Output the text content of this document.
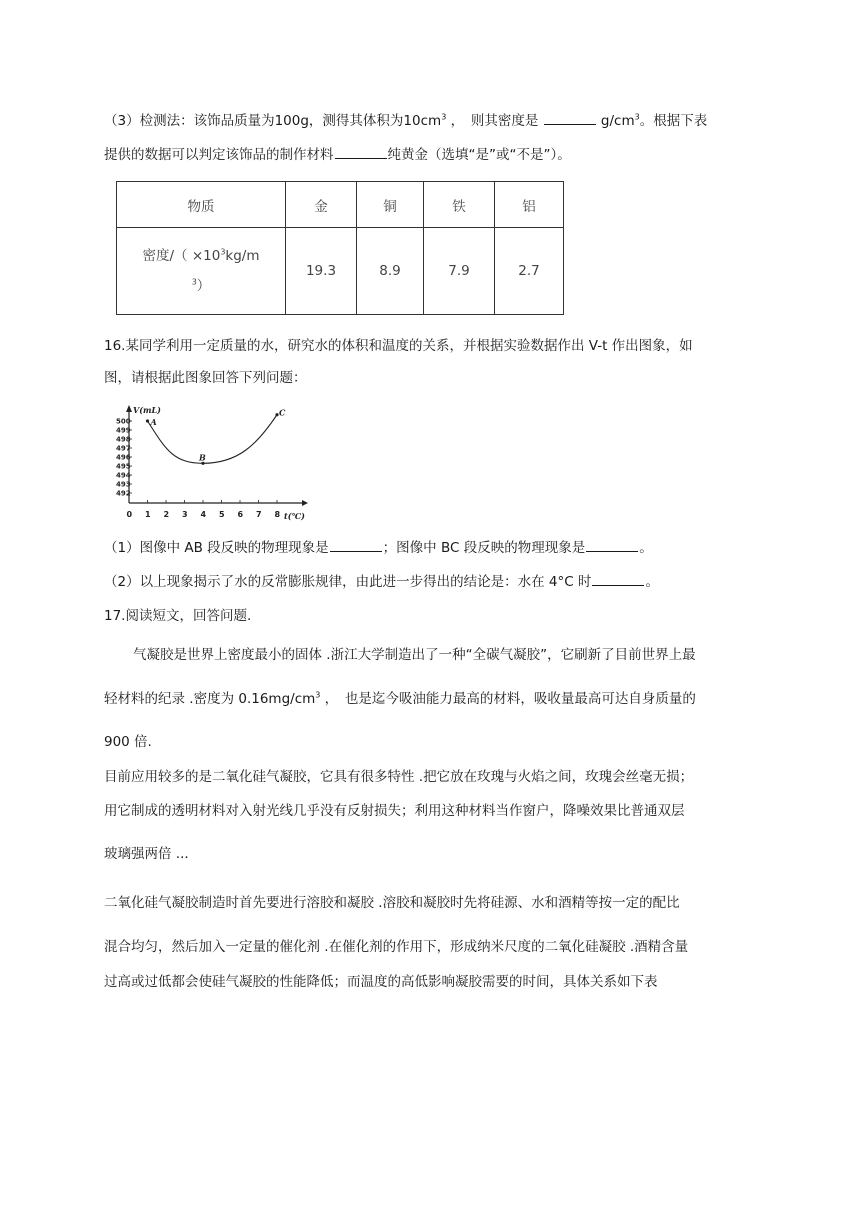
（3）检测法：该饰品质量为100g，测得其体积为$10cm^3$ ，　则其密度是	$g/cm^3$。根据下表
提供的数据可以判定该饰品的制作材料	纯黄金（选填“是”或“不是”）。
物质	金	铜	铁	铝

密度/（ $\times 10^3kg/m$
$^3$）	19.3	8.9	7.9	2.7
16.某同学利用一定质量的水，研究水的体积和温度的关系，并根据实验数据作出 V-t 作出图象，如
图，请根据此图象回答下列问题：
V(mL)
t(℃)
500
499
498
497
496
495
494
493
492
0 1 2 3 4 5 6 7 8
A
B
C
（1）图像中 AB 段反映的物理现象是	；图像中 BC 段反映的物理现象是	。
（2）以上现象揭示了水的反常膨胀规律，由此进一步得出的结论是：水在 4°C 时	。
17.阅读短文，回答问题.
气凝胶是世界上密度最小的固体 .浙江大学制造出了一种“全碳气凝胶”，它刷新了目前世界上最
轻材料的纪录 .密度为 $0.16mg/cm^3$ ，　也是迄今吸油能力最高的材料，吸收量最高可达自身质量的
900 倍.
目前应用较多的是二氧化硅气凝胶，它具有很多特性 .把它放在玫瑰与火焰之间，玫瑰会丝毫无损；
用它制成的透明材料对入射光线几乎没有反射损失；利用这种材料当作窗户，降噪效果比普通双层
玻璃强两倍 ...
二氧化硅气凝胶制造时首先要进行溶胶和凝胶 .溶胶和凝胶时先将硅源、水和酒精等按一定的配比
混合均匀，然后加入一定量的催化剂 .在催化剂的作用下，形成纳米尺度的二氧化硅凝胶 .酒精含量
过高或过低都会使硅气凝胶的性能降低；而温度的高低影响凝胶需要的时间，具体关系如下表
